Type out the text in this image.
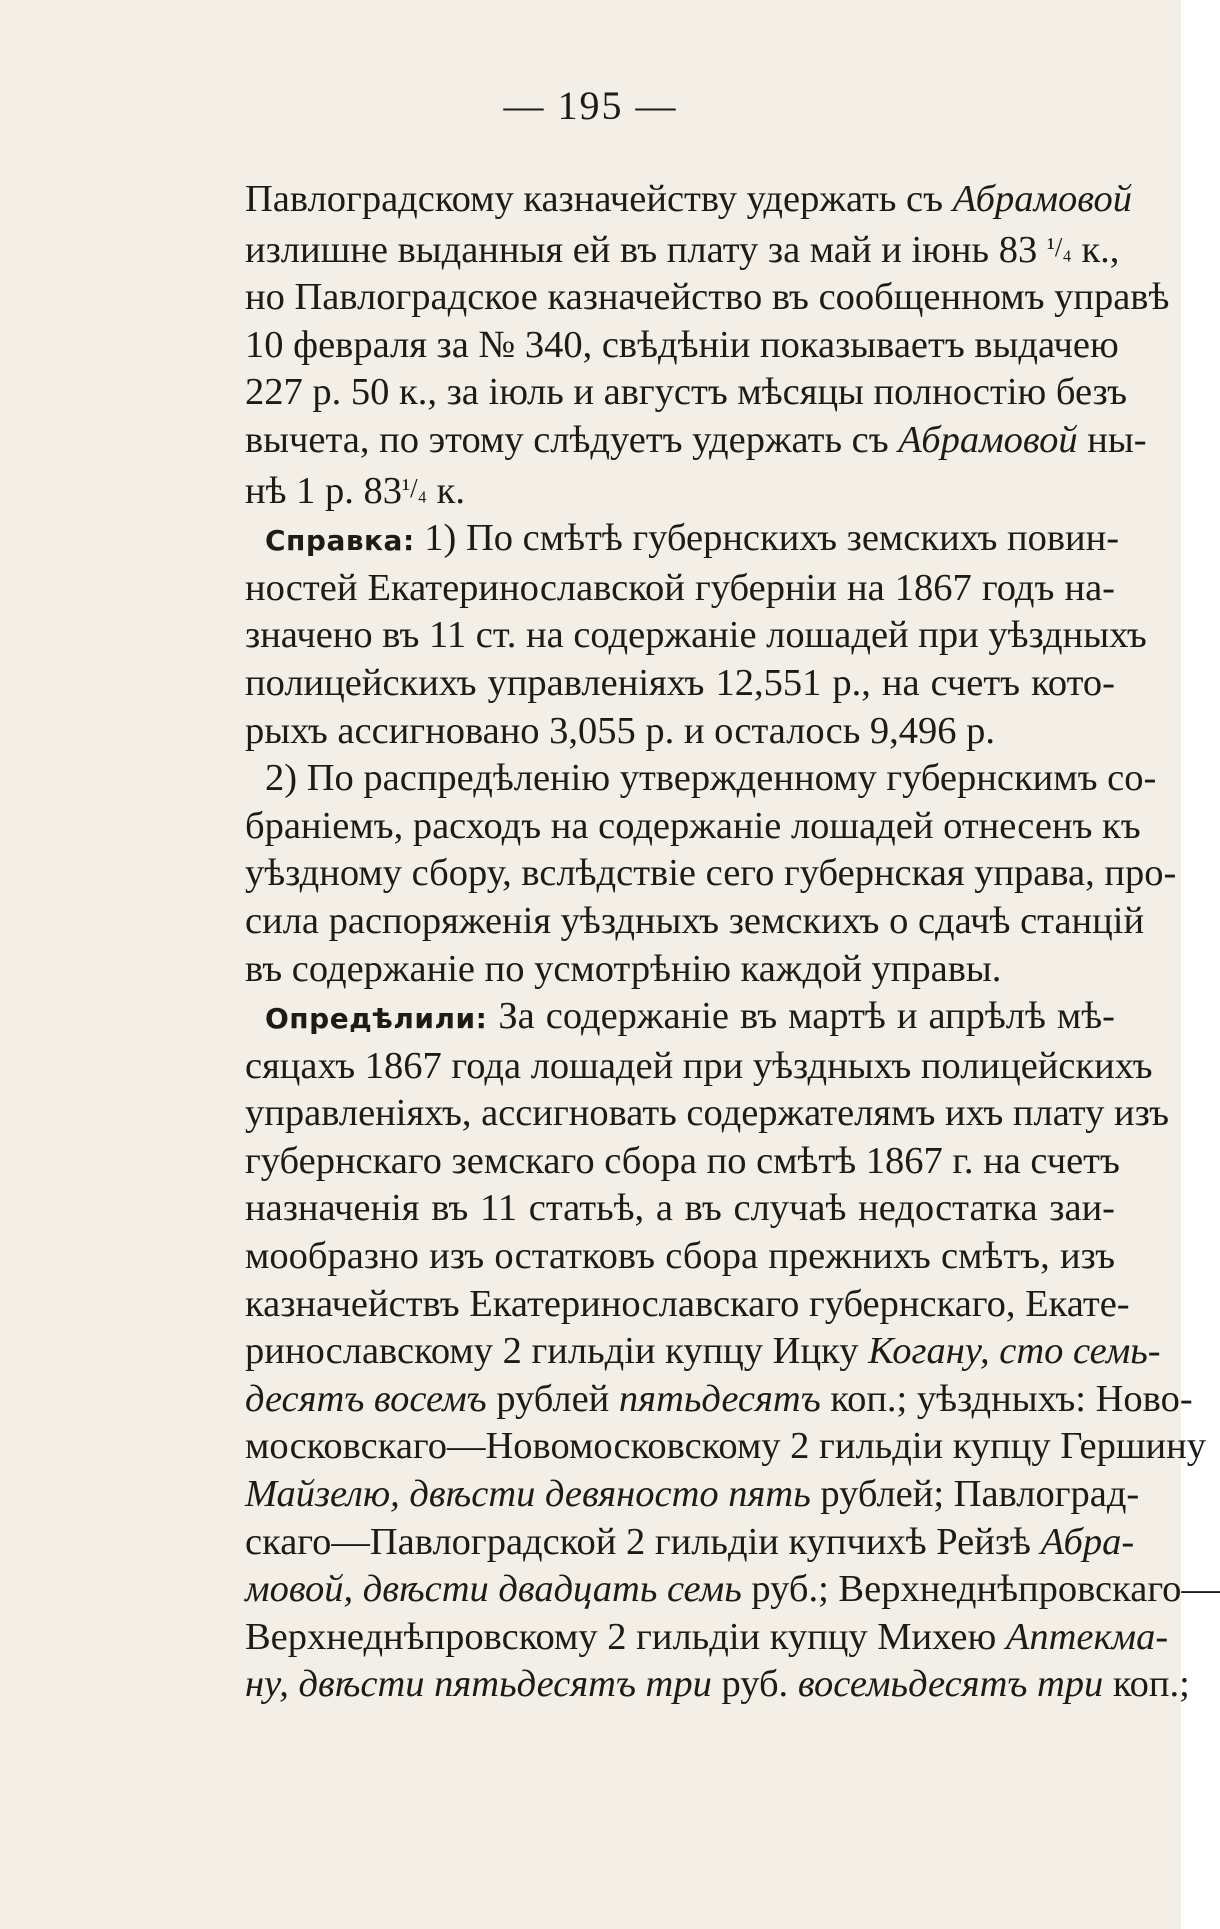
— 195 —
Павлоградскому казначейству удержать съ Абрамовой
излишне выданныя ей въ плату за май и iюнь 83 ¹/₄ к.,
но Павлоградское казначейство въ сообщенномъ управѣ
10 февраля за № 340, свѣдѣнiи показываетъ выдачею
227 р. 50 к., за iюль и августъ мѣсяцы полностiю безъ
вычета, по этому слѣдуетъ удержать съ Абрамовой ны-
нѣ 1 р. 83¹/₄ к.
Справка: 1) По смѣтѣ губернскихъ земскихъ повин-
ностей Екатеринославской губернiи на 1867 годъ на-
значено въ 11 ст. на содержанiе лошадей при уѣздныхъ
полицейскихъ управленiяхъ 12,551 р., на счетъ кото-
рыхъ ассигновано 3,055 р. и осталось 9,496 р.
2) По распредѣленiю утвержденному губернскимъ со-
бранiемъ, расходъ на содержанiе лошадей отнесенъ къ
уѣздному сбору, вслѣдствiе сего губернская управа, про-
сила распоряженiя уѣздныхъ земскихъ о сдачѣ станцiй
въ содержанiе по усмотрѣнiю каждой управы.
Опредѣлили: За содержанiе въ мартѣ и апрѣлѣ мѣ-
сяцахъ 1867 года лошадей при уѣздныхъ полицейскихъ
управленiяхъ, ассигновать содержателямъ ихъ плату изъ
губернскаго земскаго сбора по смѣтѣ 1867 г. на счетъ
назначенiя въ 11 статьѣ, а въ случаѣ недостатка заи-
мообразно изъ остатковъ сбора прежнихъ смѣтъ, изъ
казначействъ Екатеринославскаго губернскаго, Екате-
ринославскому 2 гильдiи купцу Ицку Когану, сто семь-
десятъ восемъ рублей пятьдесятъ коп.; уѣздныхъ: Ново-
московскаго—Новомосковскому 2 гильдiи купцу Гершину
Майзелю, двѣсти девяносто пять рублей; Павлоград-
скаго—Павлоградской 2 гильдiи купчихѣ Рейзѣ Абра-
мовой, двѣсти двадцать семь руб.; Верхнеднѣпровскаго—
Верхнеднѣпровскому 2 гильдiи купцу Михею Аптекма-
ну, двѣсти пятьдесятъ три руб. восемьдесятъ три коп.;
